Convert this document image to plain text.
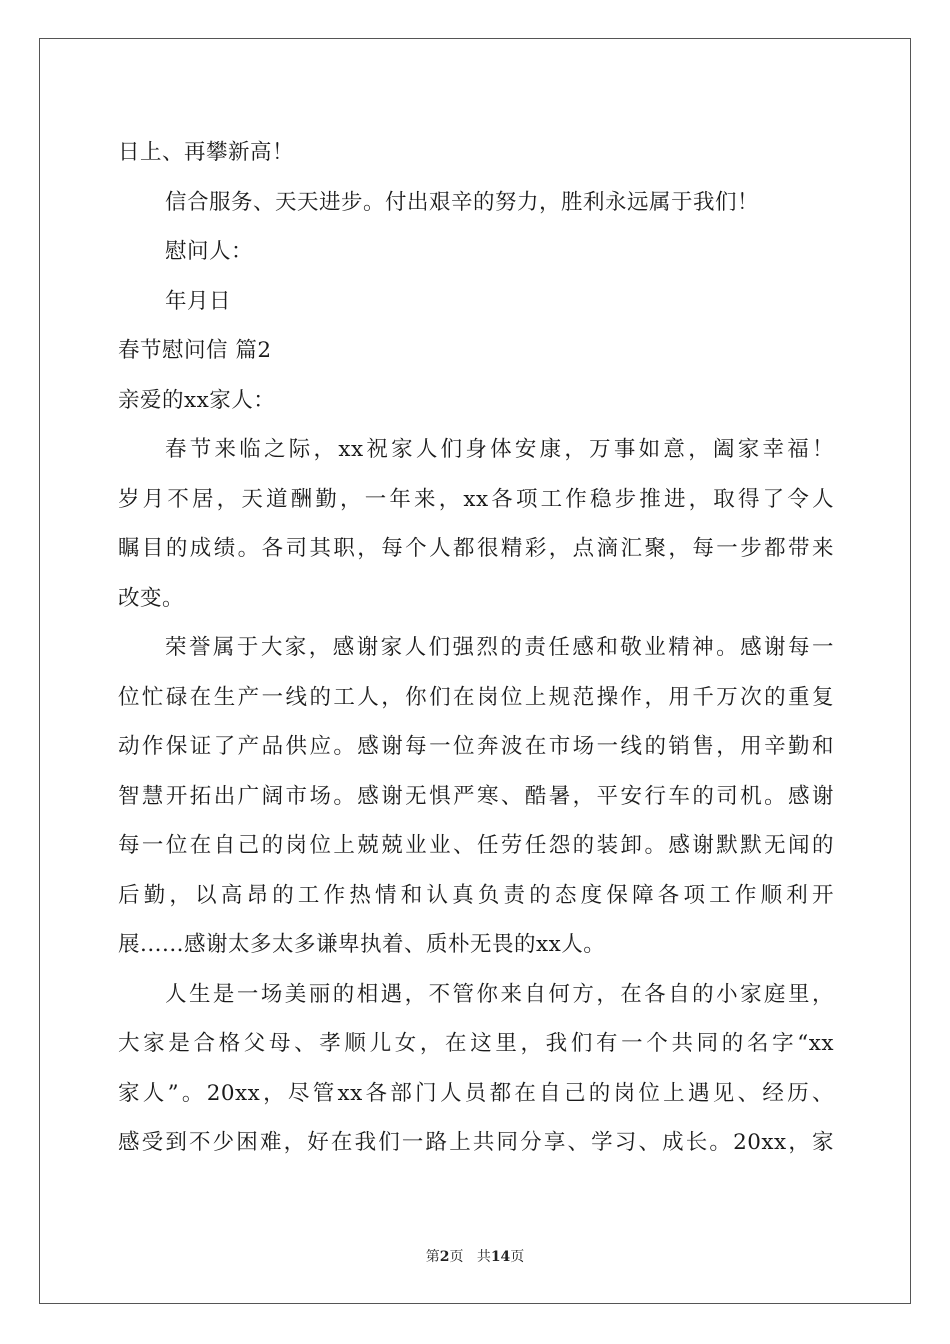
日上、再攀新高！
信合服务、天天进步。付出艰辛的努力，胜利永远属于我们！
慰问人：
年月日
春节慰问信 篇2
亲爱的xx家人：
春节来临之际，xx祝家人们身体安康，万事如意，阖家幸福！
岁月不居，天道酬勤，一年来，xx各项工作稳步推进，取得了令人
瞩目的成绩。各司其职，每个人都很精彩，点滴汇聚，每一步都带来
改变。
荣誉属于大家，感谢家人们强烈的责任感和敬业精神。感谢每一
位忙碌在生产一线的工人，你们在岗位上规范操作，用千万次的重复
动作保证了产品供应。感谢每一位奔波在市场一线的销售，用辛勤和
智慧开拓出广阔市场。感谢无惧严寒、酷暑，平安行车的司机。感谢
每一位在自己的岗位上兢兢业业、任劳任怨的装卸。感谢默默无闻的
后勤，以高昂的工作热情和认真负责的态度保障各项工作顺利开
展......感谢太多太多谦卑执着、质朴无畏的xx人。
人生是一场美丽的相遇，不管你来自何方，在各自的小家庭里，
大家是合格父母、孝顺儿女，在这里，我们有一个共同的名字“xx
家人”。20xx，尽管xx各部门人员都在自己的岗位上遇见、经历、
感受到不少困难，好在我们一路上共同分享、学习、成长。20xx，家
第2页 共14页
